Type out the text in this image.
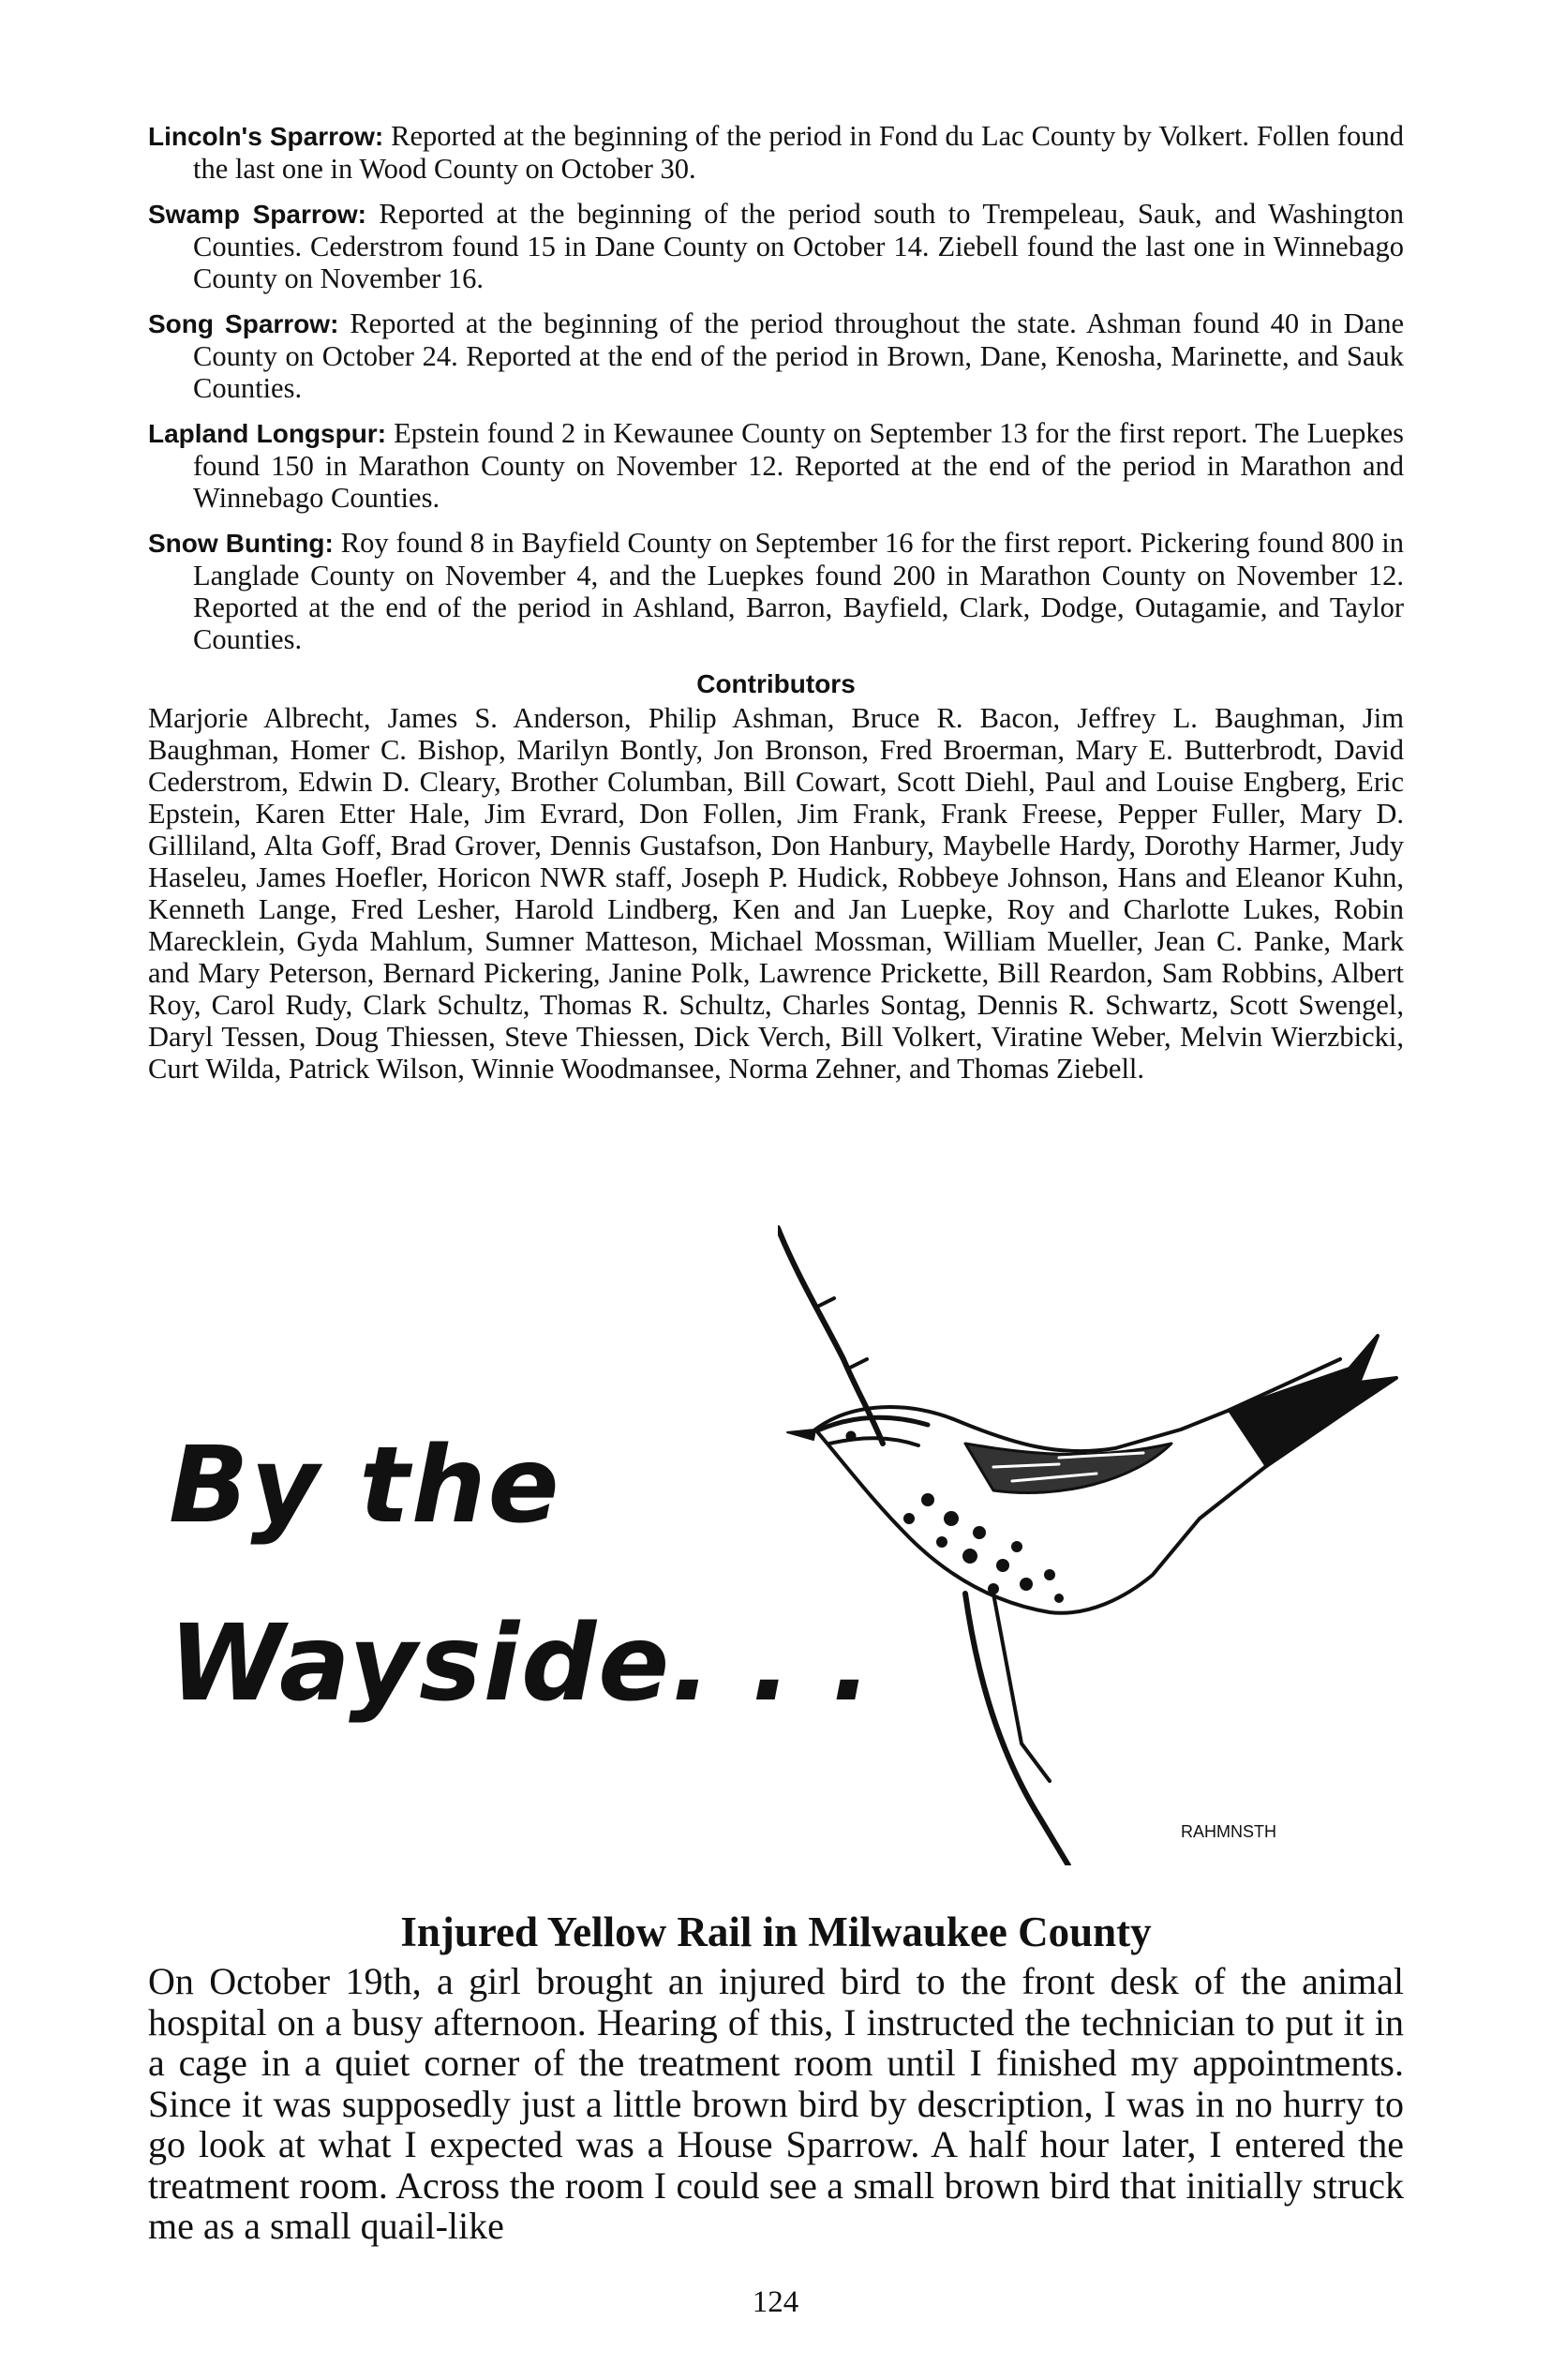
Lincoln's Sparrow: Reported at the beginning of the period in Fond du Lac County by Volkert. Follen found the last one in Wood County on October 30.

Swamp Sparrow: Reported at the beginning of the period south to Trempeleau, Sauk, and Washington Counties. Cederstrom found 15 in Dane County on October 14. Ziebell found the last one in Winnebago County on November 16.

Song Sparrow: Reported at the beginning of the period throughout the state. Ashman found 40 in Dane County on October 24. Reported at the end of the period in Brown, Dane, Kenosha, Marinette, and Sauk Counties.

Lapland Longspur: Epstein found 2 in Kewaunee County on September 13 for the first report. The Luepkes found 150 in Marathon County on November 12. Reported at the end of the period in Marathon and Winnebago Counties.

Snow Bunting: Roy found 8 in Bayfield County on September 16 for the first report. Pickering found 800 in Langlade County on November 4, and the Luepkes found 200 in Marathon County on November 12. Reported at the end of the period in Ashland, Barron, Bayfield, Clark, Dodge, Outagamie, and Taylor Counties.

Contributors

Marjorie Albrecht, James S. Anderson, Philip Ashman, Bruce R. Bacon, Jeffrey L. Baughman, Jim Baughman, Homer C. Bishop, Marilyn Bontly, Jon Bronson, Fred Broerman, Mary E. Butterbrodt, David Cederstrom, Edwin D. Cleary, Brother Columban, Bill Cowart, Scott Diehl, Paul and Louise Engberg, Eric Epstein, Karen Etter Hale, Jim Evrard, Don Follen, Jim Frank, Frank Freese, Pepper Fuller, Mary D. Gilliland, Alta Goff, Brad Grover, Dennis Gustafson, Don Hanbury, Maybelle Hardy, Dorothy Harmer, Judy Haseleu, James Hoefler, Horicon NWR staff, Joseph P. Hudick, Robbeye Johnson, Hans and Eleanor Kuhn, Kenneth Lange, Fred Lesher, Harold Lindberg, Ken and Jan Luepke, Roy and Charlotte Lukes, Robin Marecklein, Gyda Mahlum, Sumner Matteson, Michael Mossman, William Mueller, Jean C. Panke, Mark and Mary Peterson, Bernard Pickering, Janine Polk, Lawrence Prickette, Bill Reardon, Sam Robbins, Albert Roy, Carol Rudy, Clark Schultz, Thomas R. Schultz, Charles Sontag, Dennis R. Schwartz, Scott Swengel, Daryl Tessen, Doug Thiessen, Steve Thiessen, Dick Verch, Bill Volkert, Viratine Weber, Melvin Wierzbicki, Curt Wilda, Patrick Wilson, Winnie Woodmansee, Norma Zehner, and Thomas Ziebell.

By the
Wayside. . .
RAHMNSTH
Injured Yellow Rail in Milwaukee County

On October 19th, a girl brought an injured bird to the front desk of the animal hospital on a busy afternoon. Hearing of this, I instructed the technician to put it in a cage in a quiet corner of the treatment room until I finished my appointments. Since it was supposedly just a little brown bird by description, I was in no hurry to go look at what I expected was a House Sparrow. A half hour later, I entered the treatment room. Across the room I could see a small brown bird that initially struck me as a small quail-like

124
